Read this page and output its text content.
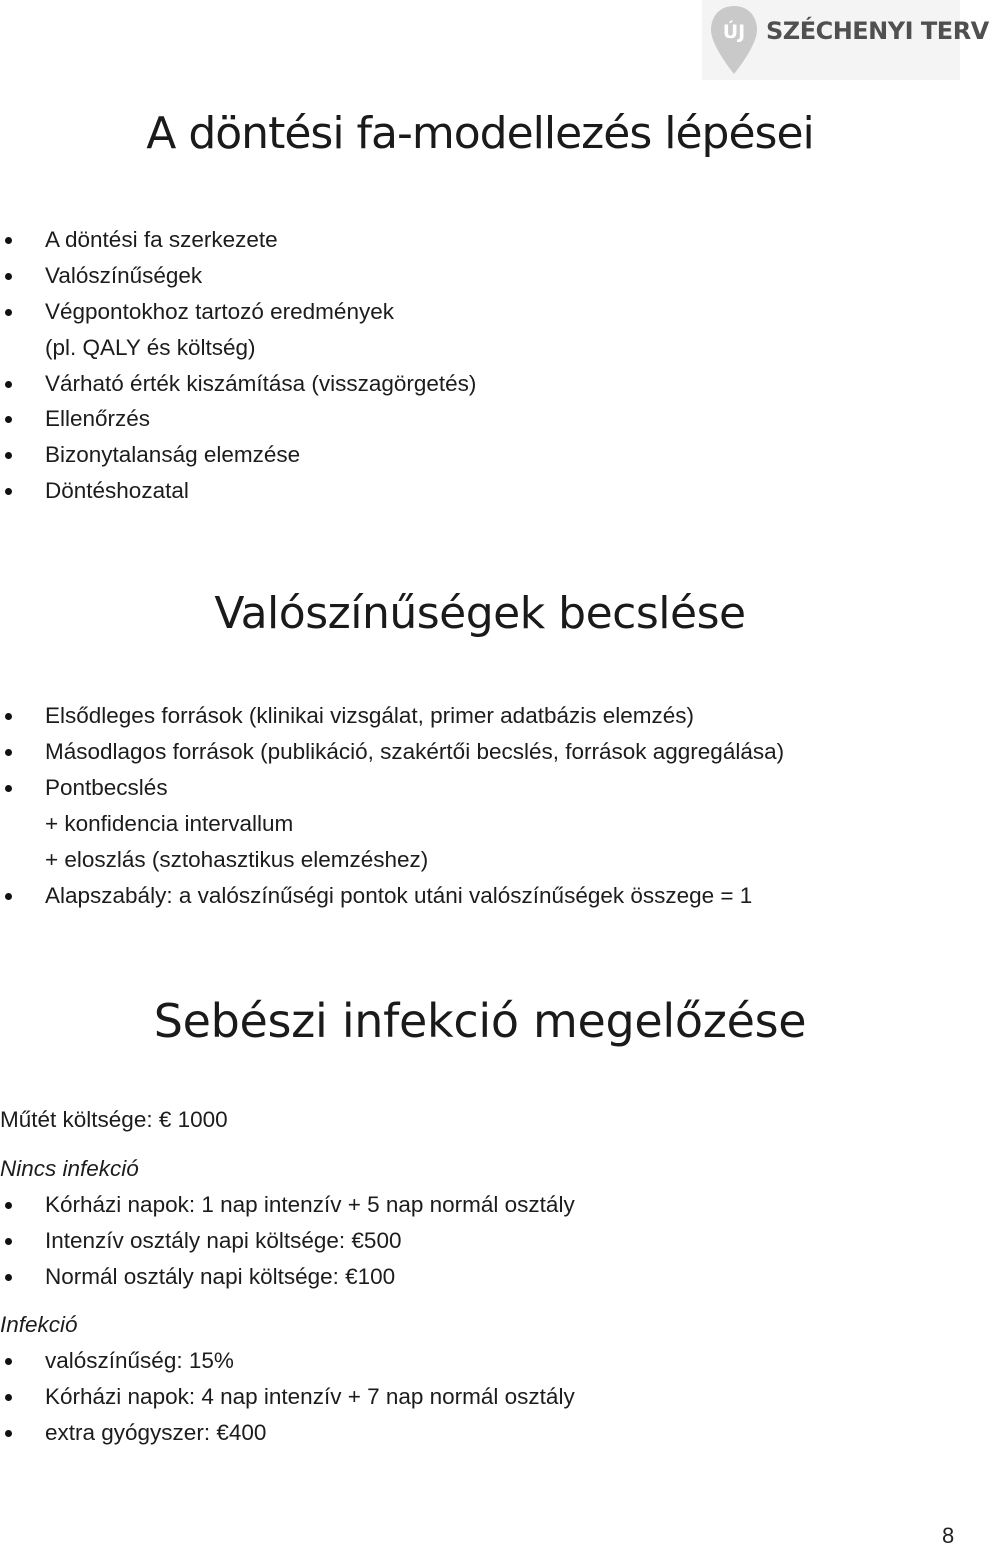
ÚJ SZÉCHENYI TERV
A döntési fa-modellezés lépései
A döntési fa szerkezete
Valószínűségek
Végpontokhoz tartozó eredmények
(pl. QALY és költség)
Várható érték kiszámítása (visszagörgetés)
Ellenőrzés
Bizonytalanság elemzése
Döntéshozatal
Valószínűségek becslése
Elsődleges források (klinikai vizsgálat, primer adatbázis elemzés)
Másodlagos források (publikáció, szakértői becslés, források aggregálása)
Pontbecslés
+ konfidencia intervallum
+ eloszlás (sztohasztikus elemzéshez)
Alapszabály: a valószínűségi pontok utáni valószínűségek összege = 1
Sebészi infekció megelőzése
Műtét költsége: € 1000
Nincs infekció
Kórházi napok: 1 nap intenzív + 5 nap normál osztály
Intenzív osztály napi költsége: €500
Normál osztály napi költsége: €100
Infekció
valószínűség: 15%
Kórházi napok: 4 nap intenzív + 7 nap normál osztály
extra gyógyszer: €400
8
